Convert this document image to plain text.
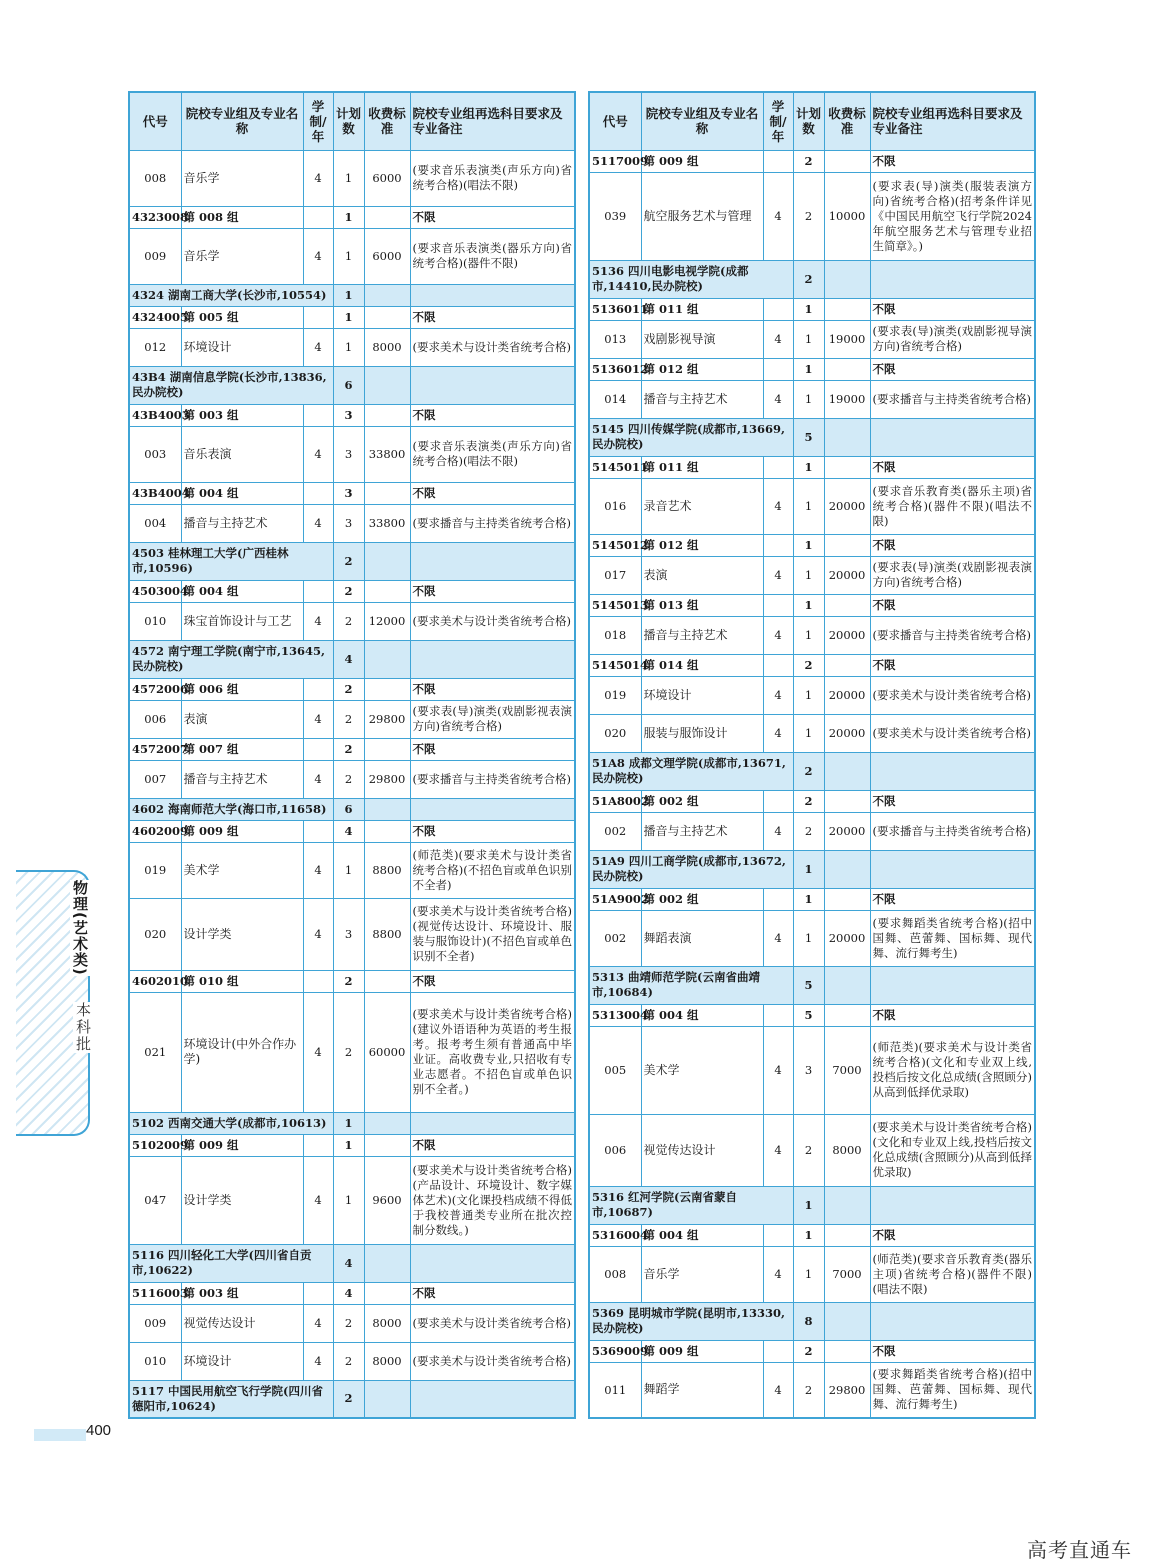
代号	院校专业组及专业名称	学制/年	计划数	收费标准	院校专业组再选科目要求及专业备注
008	音乐学	4	1	6000	(要求音乐表演类(声乐方向)省统考合格)(唱法不限)
4323008	第 008 组		1		不限
009	音乐学	4	1	6000	(要求音乐表演类(器乐方向)省统考合格)(器件不限)
4324 湖南工商大学(长沙市,10554)			1		
4324005	第 005 组		1		不限
012	环境设计	4	1	8000	(要求美术与设计类省统考合格)
43B4 湖南信息学院(长沙市,13836,民办院校)			6		
43B4003	第 003 组		3		不限
003	音乐表演	4	3	33800	(要求音乐表演类(声乐方向)省统考合格)(唱法不限)
43B4004	第 004 组		3		不限
004	播音与主持艺术	4	3	33800	(要求播音与主持类省统考合格)
4503 桂林理工大学(广西桂林市,10596)			2		
4503004	第 004 组		2		不限
010	珠宝首饰设计与工艺	4	2	12000	(要求美术与设计类省统考合格)
4572 南宁理工学院(南宁市,13645,民办院校)			4		
4572006	第 006 组		2		不限
006	表演	4	2	29800	(要求表(导)演类(戏剧影视表演方向)省统考合格)
4572007	第 007 组		2		不限
007	播音与主持艺术	4	2	29800	(要求播音与主持类省统考合格)
4602 海南师范大学(海口市,11658)			6		
4602009	第 009 组		4		不限
019	美术学	4	1	8800	(师范类)(要求美术与设计类省统考合格)(不招色盲或单色识别不全者)
020	设计学类	4	3	8800	(要求美术与设计类省统考合格)(视觉传达设计、环境设计、服装与服饰设计)(不招色盲或单色识别不全者)
4602010	第 010 组		2		不限
021	环境设计(中外合作办学)	4	2	60000	(要求美术与设计类省统考合格)(建议外语语种为英语的考生报考。报考考生须有普通高中毕业证。高收费专业,只招收有专业志愿者。不招色盲或单色识别不全者。)
5102 西南交通大学(成都市,10613)			1		
5102009	第 009 组		1		不限
047	设计学类	4	1	9600	(要求美术与设计类省统考合格)(产品设计、环境设计、数字媒体艺术)(文化课投档成绩不得低于我校普通类专业所在批次控制分数线。)
5116 四川轻化工大学(四川省自贡市,10622)			4		
5116003	第 003 组		4		不限
009	视觉传达设计	4	2	8000	(要求美术与设计类省统考合格)
010	环境设计	4	2	8000	(要求美术与设计类省统考合格)
5117 中国民用航空飞行学院(四川省德阳市,10624)			2		
代号	院校专业组及专业名称	学制/年	计划数	收费标准	院校专业组再选科目要求及专业备注
5117009	第 009 组		2		不限
039	航空服务艺术与管理	4	2	10000	(要求表(导)演类(服装表演方向)省统考合格)(招考条件详见《中国民用航空飞行学院2024年航空服务艺术与管理专业招生简章》。)
5136 四川电影电视学院(成都市,14410,民办院校)			2		
5136011	第 011 组		1		不限
013	戏剧影视导演	4	1	19000	(要求表(导)演类(戏剧影视导演方向)省统考合格)
5136012	第 012 组		1		不限
014	播音与主持艺术	4	1	19000	(要求播音与主持类省统考合格)
5145 四川传媒学院(成都市,13669,民办院校)			5		
5145011	第 011 组		1		不限
016	录音艺术	4	1	20000	(要求音乐教育类(器乐主项)省统考合格)(器件不限)(唱法不限)
5145012	第 012 组		1		不限
017	表演	4	1	20000	(要求表(导)演类(戏剧影视表演方向)省统考合格)
5145013	第 013 组		1		不限
018	播音与主持艺术	4	1	20000	(要求播音与主持类省统考合格)
5145014	第 014 组		2		不限
019	环境设计	4	1	20000	(要求美术与设计类省统考合格)
020	服装与服饰设计	4	1	20000	(要求美术与设计类省统考合格)
51A8 成都文理学院(成都市,13671,民办院校)			2		
51A8002	第 002 组		2		不限
002	播音与主持艺术	4	2	20000	(要求播音与主持类省统考合格)
51A9 四川工商学院(成都市,13672,民办院校)			1		
51A9002	第 002 组		1		不限
002	舞蹈表演	4	1	20000	(要求舞蹈类省统考合格)(招中国舞、芭蕾舞、国标舞、现代舞、流行舞考生)
5313 曲靖师范学院(云南省曲靖市,10684)			5		
5313004	第 004 组		5		不限
005	美术学	4	3	7000	(师范类)(要求美术与设计类省统考合格)(文化和专业双上线,投档后按文化总成绩(含照顾分)从高到低择优录取)
006	视觉传达设计	4	2	8000	(要求美术与设计类省统考合格)(文化和专业双上线,投档后按文化总成绩(含照顾分)从高到低择优录取)
5316 红河学院(云南省蒙自市,10687)			1		
5316004	第 004 组		1		不限
008	音乐学	4	1	7000	(师范类)(要求音乐教育类(器乐主项)省统考合格)(器件不限)(唱法不限)
5369 昆明城市学院(昆明市,13330,民办院校)			8		
5369009	第 009 组		2		不限
011	舞蹈学	4	2	29800	(要求舞蹈类省统考合格)(招中国舞、芭蕾舞、国标舞、现代舞、流行舞考生)
物理(艺术类)
本科批
400
高考直通车
